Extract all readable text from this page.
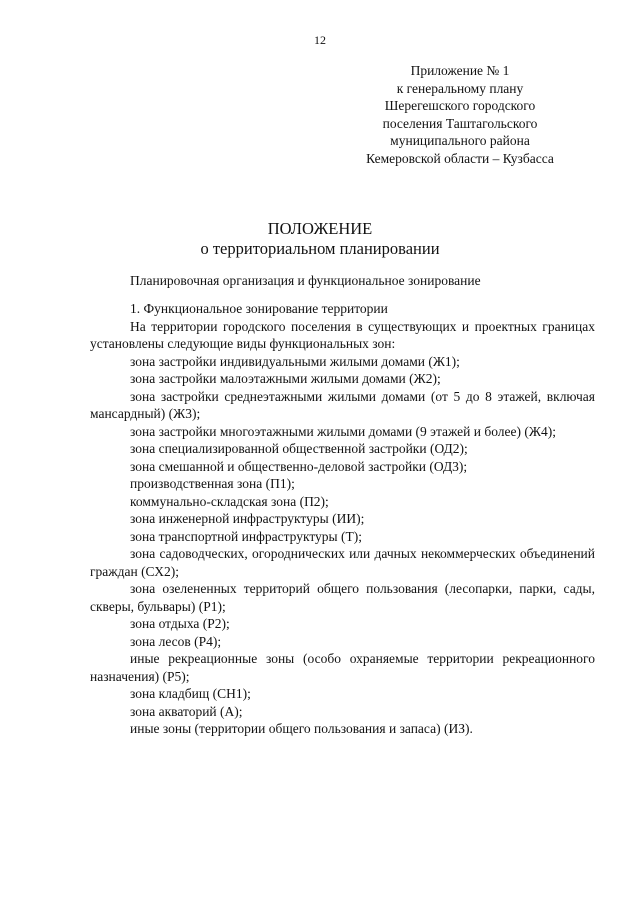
12
Приложение № 1
к генеральному плану
Шерегешского городского
поселения Таштагольского
муниципального района
Кемеровской области – Кузбасса
ПОЛОЖЕНИЕ
о территориальном планировании
Планировочная организация и функциональное зонирование

1. Функциональное зонирование территории

На территории городского поселения в существующих и проектных границах установлены следующие виды функциональных зон:

зона застройки индивидуальными жилыми домами (Ж1);

зона застройки малоэтажными жилыми домами (Ж2);

зона застройки среднеэтажными жилыми домами (от 5 до 8 этажей, включая мансардный) (Ж3);

зона застройки многоэтажными жилыми домами (9 этажей и более) (Ж4);

зона специализированной общественной застройки (ОД2);

зона смешанной и общественно-деловой застройки (ОД3);

производственная зона (П1);

коммунально-складская зона (П2);

зона инженерной инфраструктуры (ИИ);

зона транспортной инфраструктуры (Т);

зона садоводческих, огороднических или дачных некоммерческих объединений граждан (СХ2);

зона озелененных территорий общего пользования (лесопарки, парки, сады, скверы, бульвары) (Р1);

зона отдыха (Р2);

зона лесов (Р4);

иные рекреационные зоны (особо охраняемые территории рекреационного назначения) (Р5);

зона кладбищ (СН1);

зона акваторий (А);

иные зоны (территории общего пользования и запаса) (ИЗ).
